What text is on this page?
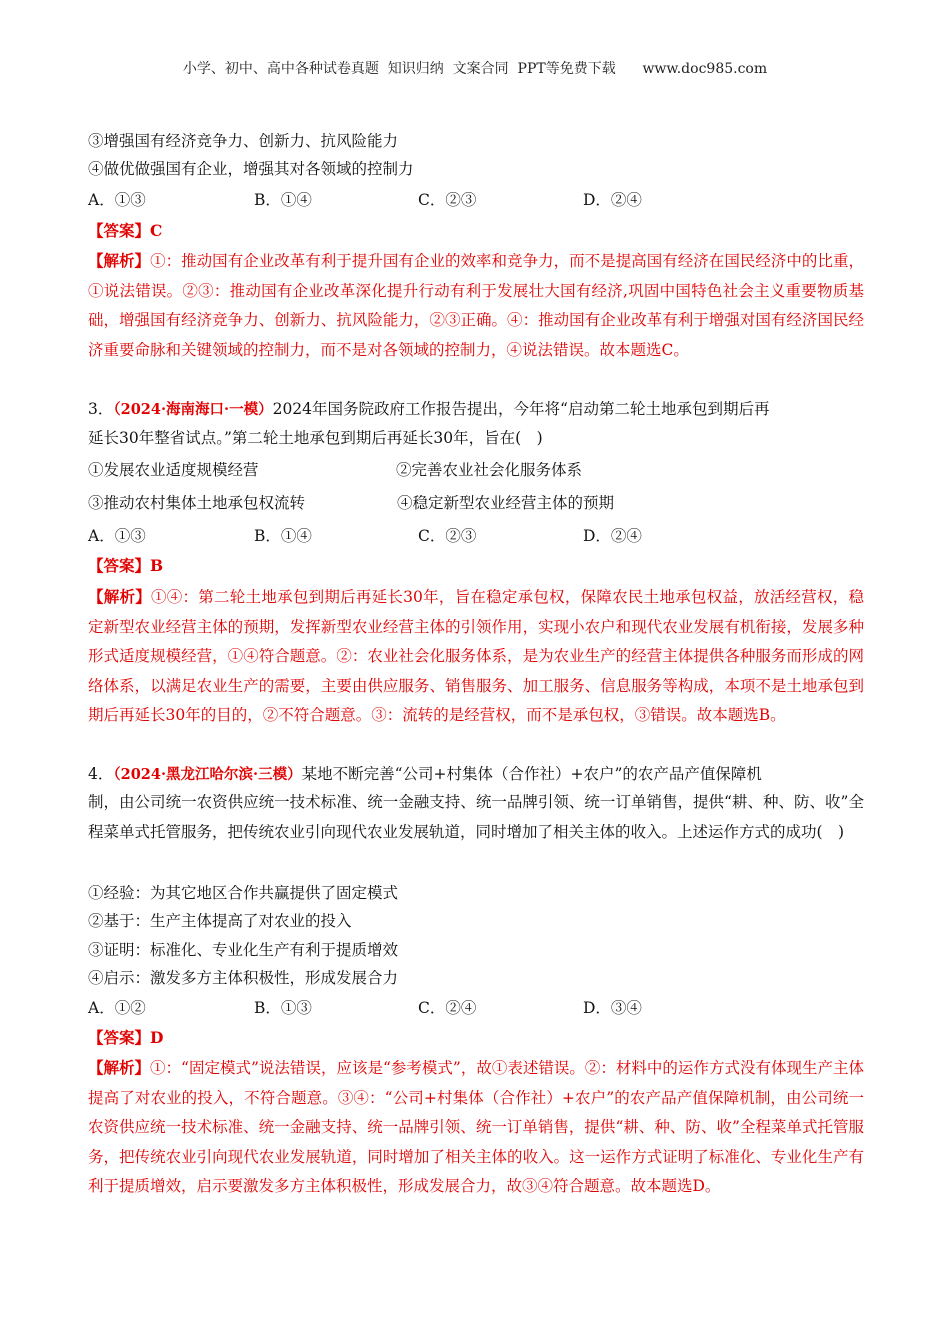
小学、初中、高中各种试卷真题  知识归纳  文案合同  PPT等免费下载      www.doc985.com
③增强国有经济竞争力、创新力、抗风险能力
④做优做强国有企业，增强其对各领域的控制力
A．①③	B．①④	C．②③	D．②④
【答案】C
【解析】①：推动国有企业改革有利于提升国有企业的效率和竞争力，而不是提高国有经济在国民经济中的比重，①说法错误。②③：推动国有企业改革深化提升行动有利于发展壮大国有经济,巩固中国特色社会主义重要物质基础，增强国有经济竞争力、创新力、抗风险能力，②③正确。④：推动国有企业改革有利于增强对国有经济国民经济重要命脉和关键领域的控制力，而不是对各领域的控制力，④说法错误。故本题选C。
3．（2024·海南海口·一模）2024年国务院政府工作报告提出，今年将“启动第二轮土地承包到期后再
延长30年整省试点。”第二轮土地承包到期后再延长30年，旨在(　)
①发展农业适度规模经营	②完善农业社会化服务体系
③推动农村集体土地承包权流转	④稳定新型农业经营主体的预期
A．①③	B．①④	C．②③	D．②④
【答案】B
【解析】①④：第二轮土地承包到期后再延长30年，旨在稳定承包权，保障农民土地承包权益，放活经营权，稳定新型农业经营主体的预期，发挥新型农业经营主体的引领作用，实现小农户和现代农业发展有机衔接，发展多种形式适度规模经营，①④符合题意。②：农业社会化服务体系，是为农业生产的经营主体提供各种服务而形成的网络体系，以满足农业生产的需要，主要由供应服务、销售服务、加工服务、信息服务等构成，本项不是土地承包到期后再延长30年的目的，②不符合题意。③：流转的是经营权，而不是承包权，③错误。故本题选B。
4．（2024·黑龙江哈尔滨·三模）某地不断完善“公司+村集体（合作社）+农户”的农产品产值保障机
制，由公司统一农资供应统一技术标准、统一金融支持、统一品牌引领、统一订单销售，提供“耕、种、防、收”全程菜单式托管服务，把传统农业引向现代农业发展轨道，同时增加了相关主体的收入。上述运作方式的成功(　)
①经验：为其它地区合作共赢提供了固定模式
②基于：生产主体提高了对农业的投入
③证明：标准化、专业化生产有利于提质增效
④启示：激发多方主体积极性，形成发展合力
A．①②	B．①③	C．②④	D．③④
【答案】D
【解析】①：“固定模式”说法错误，应该是“参考模式”，故①表述错误。②：材料中的运作方式没有体现生产主体提高了对农业的投入，不符合题意。③④：“公司+村集体（合作社）+农户”的农产品产值保障机制，由公司统一农资供应统一技术标准、统一金融支持、统一品牌引领、统一订单销售，提供“耕、种、防、收”全程菜单式托管服务，把传统农业引向现代农业发展轨道，同时增加了相关主体的收入。这一运作方式证明了标准化、专业化生产有利于提质增效，启示要激发多方主体积极性，形成发展合力，故③④符合题意。故本题选D。
